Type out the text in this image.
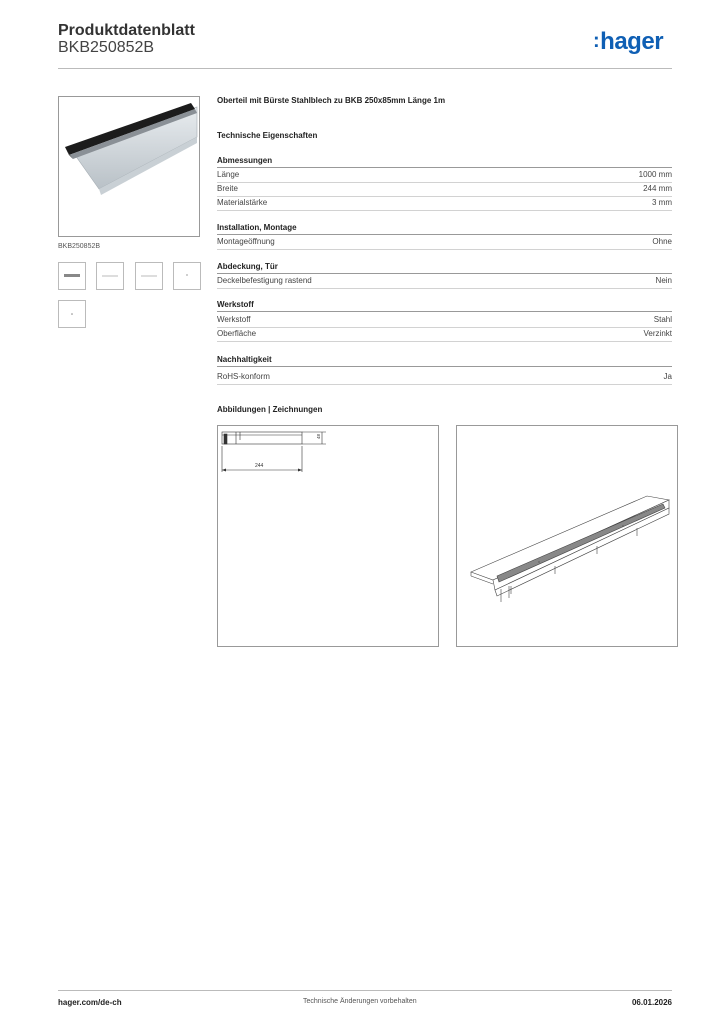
Produktdatenblatt
BKB250852B	:hager
BKB250852B
Oberteil mit Bürste Stahlblech zu BKB 250x85mm Länge 1m
Technische Eigenschaften
Abmessungen
Länge	1000 mm
Breite	244 mm
Materialstärke	3 mm
Installation, Montage
Montageöffnung	Ohne
Abdeckung, Tür
Deckelbefestigung rastend	Nein
Werkstoff
Werkstoff	Stahl
Oberfläche	Verzinkt
Nachhaltigkeit
RoHS-konform	Ja
Abbildungen | Zeichnungen
244
48
hager.com/de-ch	Technische Änderungen vorbehalten	06.01.2026
